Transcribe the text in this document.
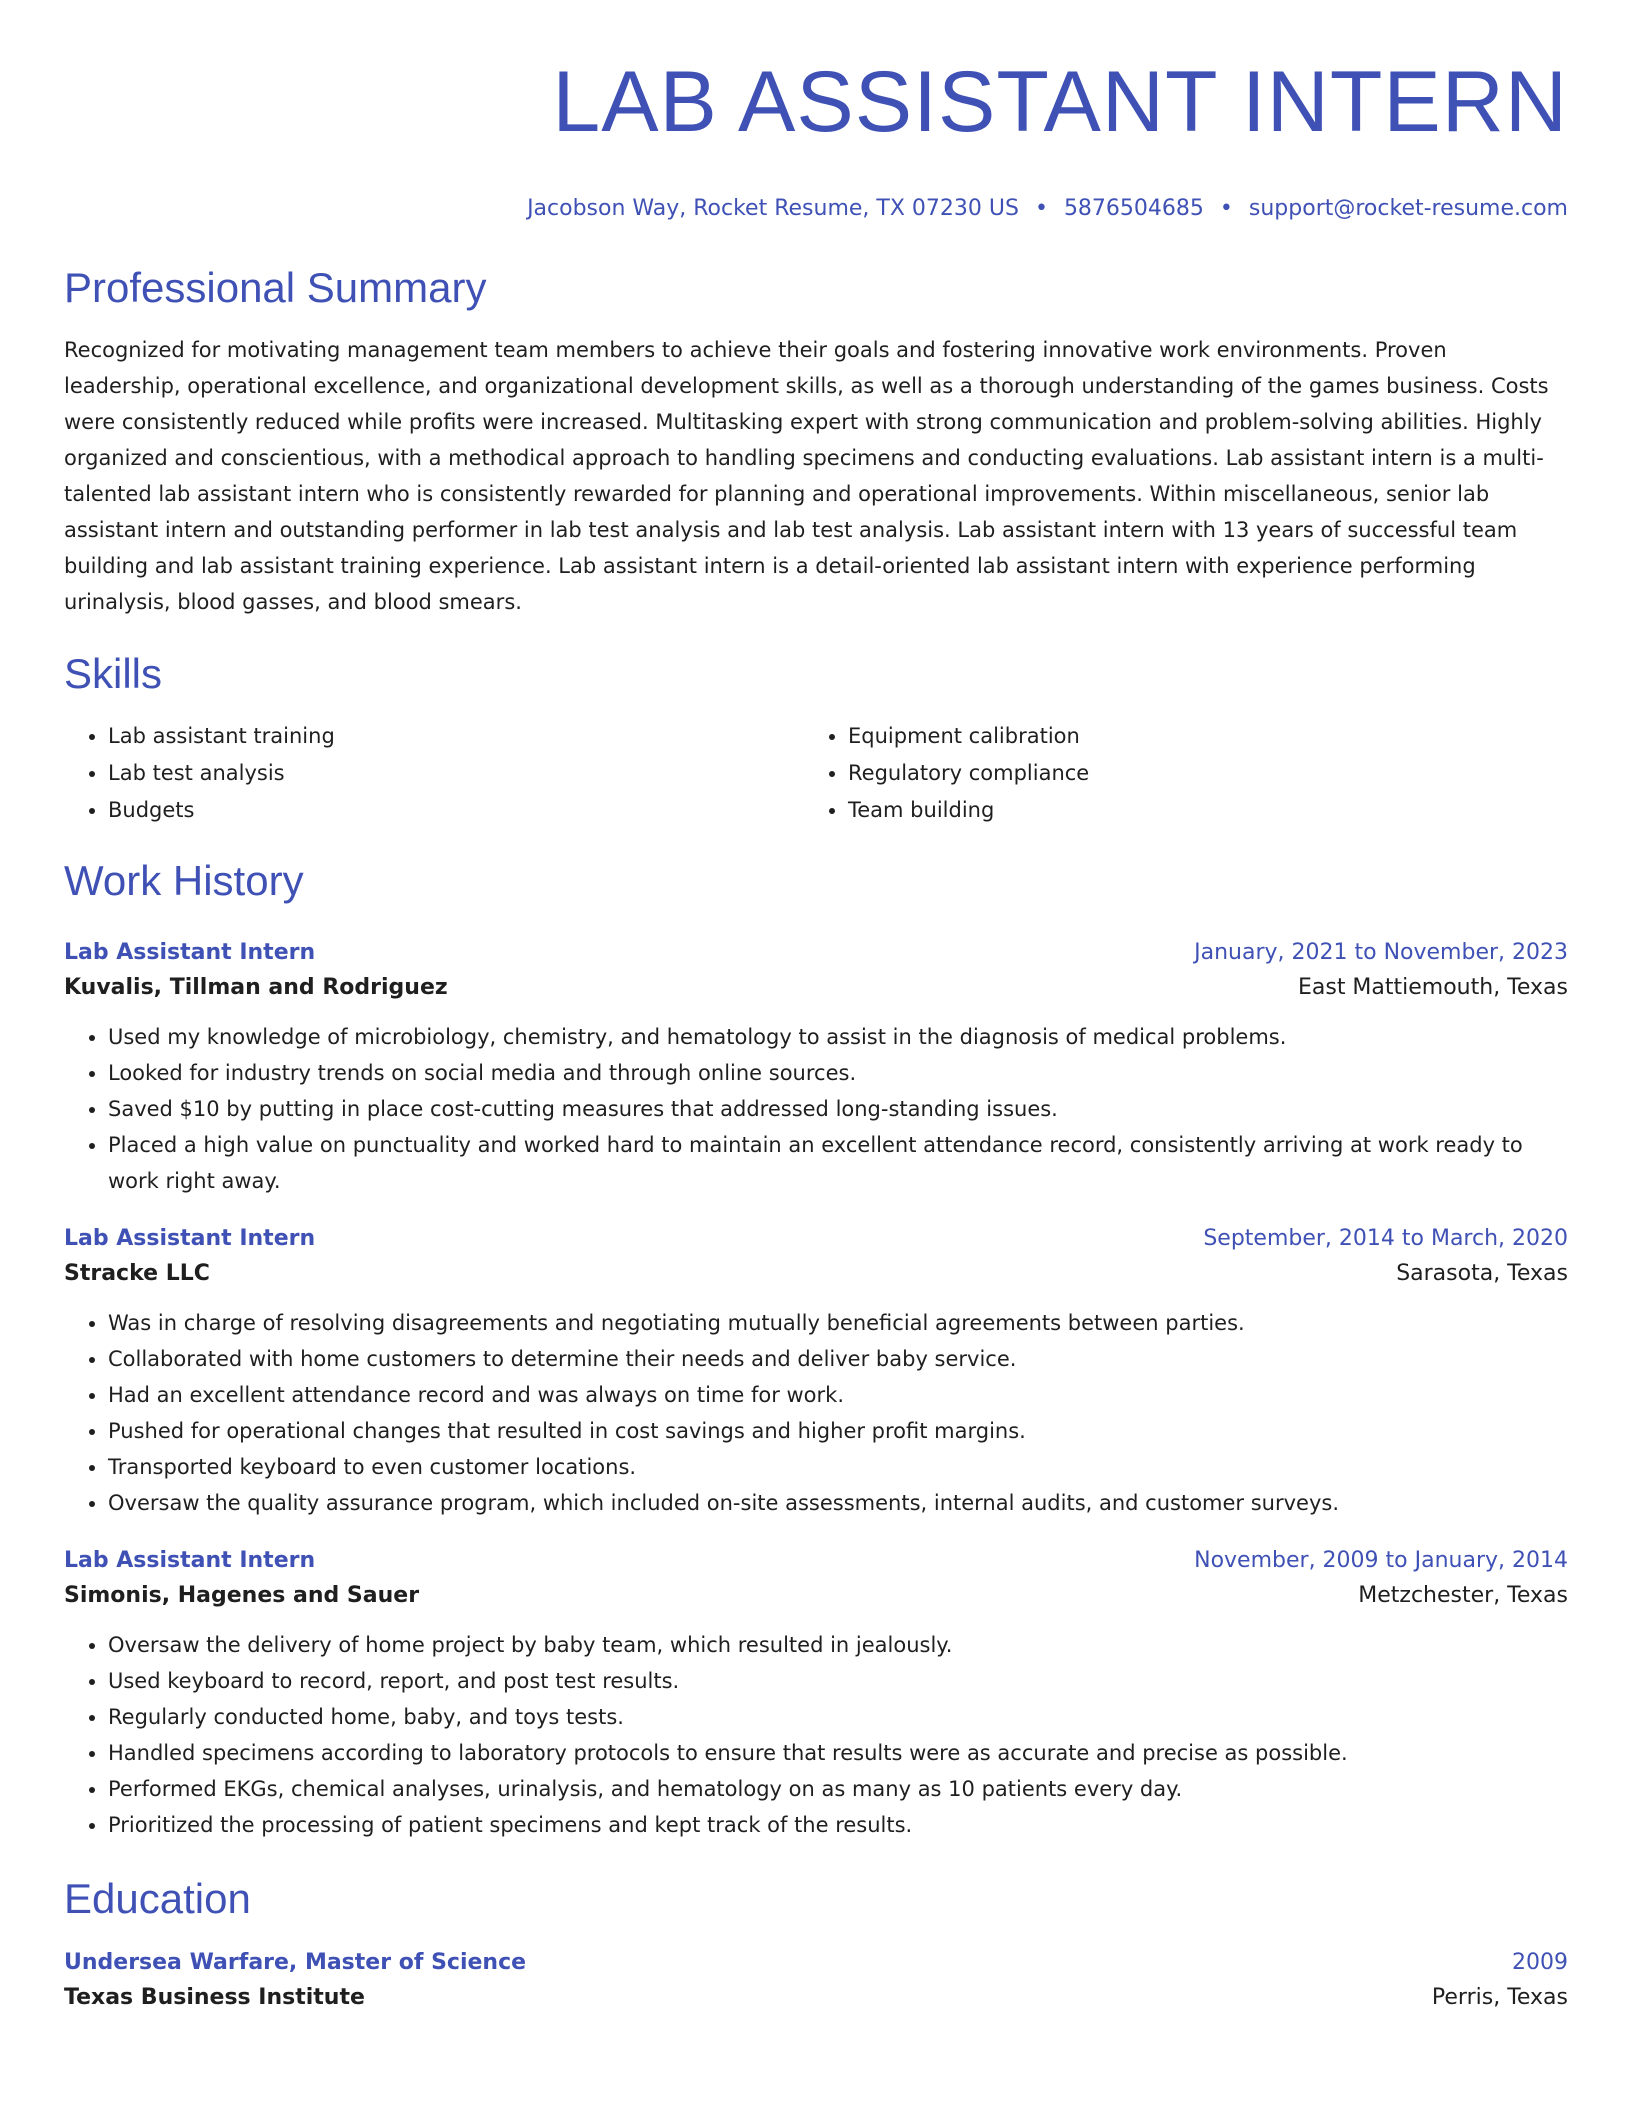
LAB ASSISTANT INTERN
Jacobson Way, Rocket Resume, TX 07230 US • 5876504685 • support@rocket-resume.com
Professional Summary

Recognized for motivating management team members to achieve their goals and fostering innovative work environments. Proven leadership, operational excellence, and organizational development skills, as well as a thorough understanding of the games business. Costs were consistently reduced while profits were increased. Multitasking expert with strong communication and problem-solving abilities. Highly organized and conscientious, with a methodical approach to handling specimens and conducting evaluations. Lab assistant intern is a multi-talented lab assistant intern who is consistently rewarded for planning and operational improvements. Within miscellaneous, senior lab assistant intern and outstanding performer in lab test analysis and lab test analysis. Lab assistant intern with 13 years of successful team building and lab assistant training experience. Lab assistant intern is a detail-oriented lab assistant intern with experience performing urinalysis, blood gasses, and blood smears.

Skills
• Lab assistant training
• Lab test analysis
• Budgets
• Equipment calibration
• Regulatory compliance
• Team building
Work History
Lab Assistant Intern	January, 2021 to November, 2023
Kuvalis, Tillman and Rodriguez	East Mattiemouth, Texas
• Used my knowledge of microbiology, chemistry, and hematology to assist in the diagnosis of medical problems.
• Looked for industry trends on social media and through online sources.
• Saved $10 by putting in place cost-cutting measures that addressed long-standing issues.
• Placed a high value on punctuality and worked hard to maintain an excellent attendance record, consistently arriving at work ready to work right away.
Lab Assistant Intern	September, 2014 to March, 2020
Stracke LLC	Sarasota, Texas
• Was in charge of resolving disagreements and negotiating mutually beneficial agreements between parties.
• Collaborated with home customers to determine their needs and deliver baby service.
• Had an excellent attendance record and was always on time for work.
• Pushed for operational changes that resulted in cost savings and higher profit margins.
• Transported keyboard to even customer locations.
• Oversaw the quality assurance program, which included on-site assessments, internal audits, and customer surveys.
Lab Assistant Intern	November, 2009 to January, 2014
Simonis, Hagenes and Sauer	Metzchester, Texas
• Oversaw the delivery of home project by baby team, which resulted in jealously.
• Used keyboard to record, report, and post test results.
• Regularly conducted home, baby, and toys tests.
• Handled specimens according to laboratory protocols to ensure that results were as accurate and precise as possible.
• Performed EKGs, chemical analyses, urinalysis, and hematology on as many as 10 patients every day.
• Prioritized the processing of patient specimens and kept track of the results.
Education
Undersea Warfare, Master of Science	2009
Texas Business Institute	Perris, Texas
